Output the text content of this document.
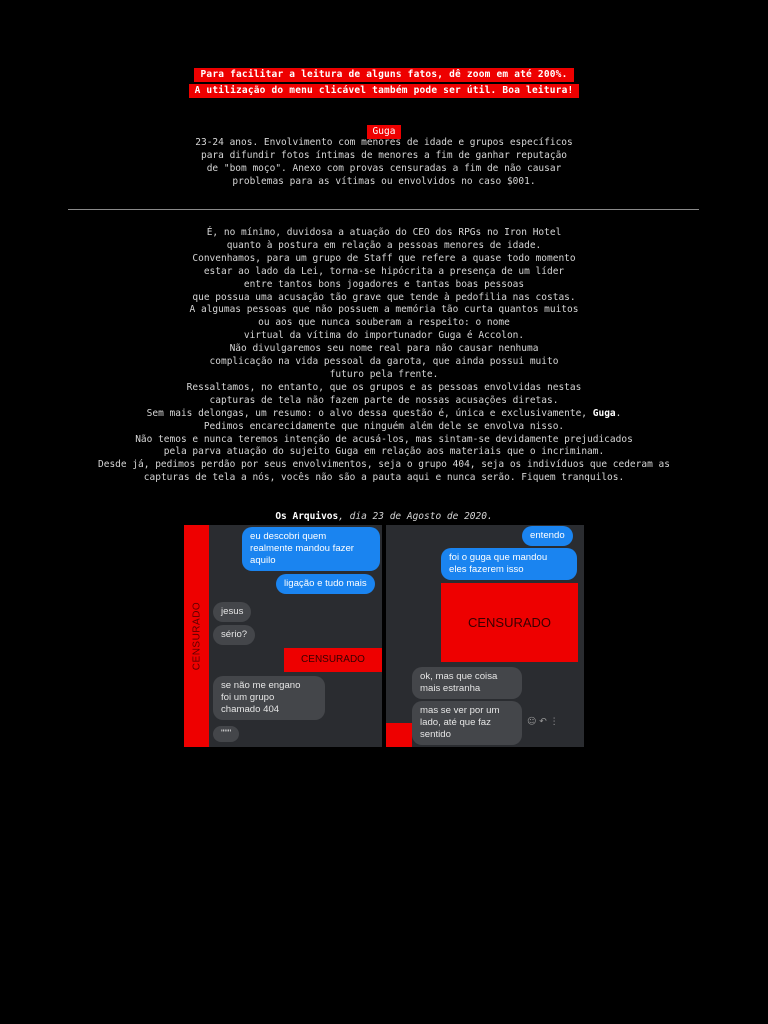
Para facilitar a leitura de alguns fatos, dê zoom em até 200%.
A utilização do menu clicável também pode ser útil. Boa leitura!
Guga
23-24 anos. Envolvimento com menores de idade e grupos específicos
para difundir fotos íntimas de menores a fim de ganhar reputação
de "bom moço". Anexo com provas censuradas a fim de não causar
problemas para as vítimas ou envolvidos no caso $001.
É, no mínimo, duvidosa a atuação do CEO dos RPGs no Iron Hotel
quanto à postura em relação a pessoas menores de idade.
Convenhamos, para um grupo de Staff que refere a quase todo momento
estar ao lado da Lei, torna-se hipócrita a presença de um líder
entre tantos bons jogadores e tantas boas pessoas
que possua uma acusação tão grave que tende à pedofilia nas costas.
A algumas pessoas que não possuem a memória tão curta quantos muitos
ou aos que nunca souberam a respeito: o nome
virtual da vítima do importunador Guga é Accolon.
Não divulgaremos seu nome real para não causar nenhuma
complicação na vida pessoal da garota, que ainda possui muito
futuro pela frente.
Ressaltamos, no entanto, que os grupos e as pessoas envolvidas nestas
capturas de tela não fazem parte de nossas acusações diretas.
Sem mais delongas, um resumo: o alvo dessa questão é, única e exclusivamente, Guga.
Pedimos encarecidamente que ninguém além dele se envolva nisso.
Não temos e nunca teremos intenção de acusá-los, mas sintam-se devidamente prejudicados
pela parva atuação do sujeito Guga em relação aos materiais que o incriminam.
Desde já, pedimos perdão por seus envolvimentos, seja o grupo 404, seja os indivíduos que cederam as
capturas de tela a nós, vocês não são a pauta aqui e nunca serão. Fiquem tranquilos.
Os Arquivos, dia 23 de Agosto de 2020.
CENSURADO
eu descobri quem
realmente mandou fazer
aquilo
ligação e tudo mais
jesus
sério?
CENSURADO
se não me engano
foi um grupo
chamado 404
"""
entendo
foi o guga que mandou
eles fazerem isso
CENSURADO
ok, mas que coisa
mais estranha
mas se ver por um
lado, até que faz
sentido
☺ ↶ ⋮
